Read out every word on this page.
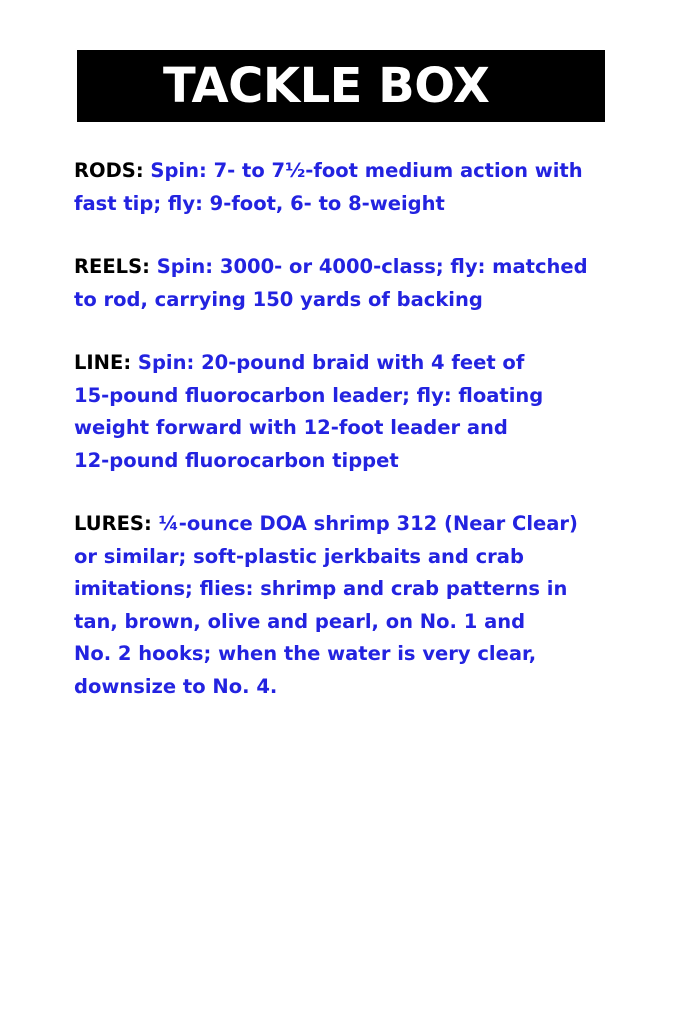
TACKLE BOX
RODS: Spin: 7- to 7½-foot medium action with
fast tip; fly: 9-foot, 6- to 8-weight
REELS: Spin: 3000- or 4000-class; fly: matched
to rod, carrying 150 yards of backing
LINE: Spin: 20-pound braid with 4 feet of
15-pound fluorocarbon leader; fly: floating
weight forward with 12-foot leader and
12-pound fluorocarbon tippet
LURES: ¼-ounce DOA shrimp 312 (Near Clear)
or similar; soft-plastic jerkbaits and crab
imitations; flies: shrimp and crab patterns in
tan, brown, olive and pearl, on No. 1 and
No. 2 hooks; when the water is very clear,
downsize to No. 4.
